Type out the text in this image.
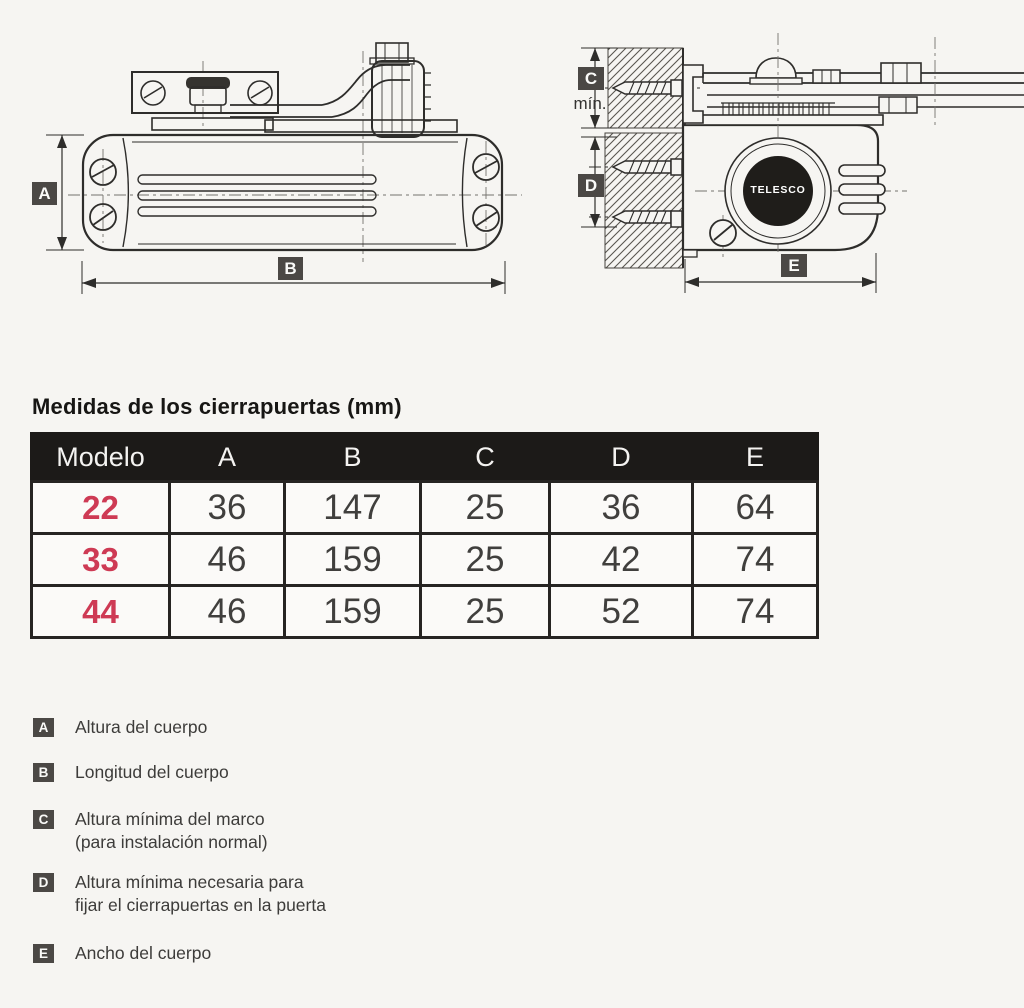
A
B
C
mín.
D
E
TELESCO
Medidas de los cierrapuertas (mm)
Modelo	A	B	C	D	E
22	36	147	25	36	64
33	46	159	25	42	74
44	46	159	25	52	74
A	Altura del cuerpo
B	Longitud del cuerpo
C	Altura mínima del marco
(para instalación normal)
D	Altura mínima necesaria para
fijar el cierrapuertas en la puerta
E	Ancho del cuerpo
